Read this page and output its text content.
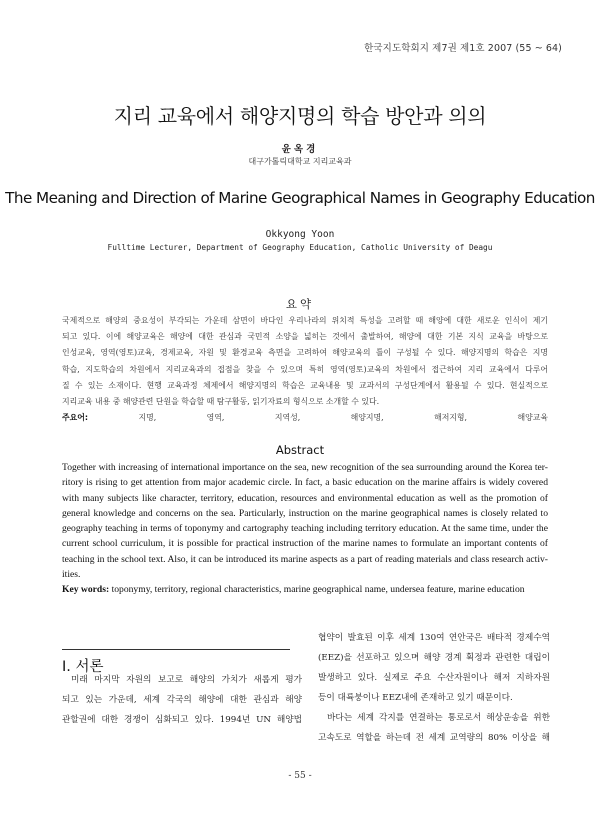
한국지도학회지 제7권 제1호 2007 (55 ~ 64)
지리 교육에서 해양지명의 학습 방안과 의의
윤옥경
대구가톨릭대학교 지리교육과
The Meaning and Direction of Marine Geographical Names in Geography Education
Okkyong Yoon
Fulltime Lecturer, Department of Geography Education, Catholic University of Deagu
요약
국제적으로 해양의 중요성이 부각되는 가운데 삼면이 바다인 우리나라의 위치적 특성을 고려할 때 해양에 대한 새로운 인식이 제기
되고 있다. 이에 해양교육은 해양에 대한 관심과 국민적 소양을 넓히는 것에서 출발하여, 해양에 대한 기본 지식 교육을 바탕으로
인성교육, 영역(영토)교육, 경제교육, 자원 및 환경교육 측면을 고려하여 해양교육의 틀이 구성될 수 있다. 해양지명의 학습은 지명
학습, 지도학습의 차원에서 지리교육과의 접점을 찾을 수 있으며 특히 영역(영토)교육의 차원에서 접근하여 지리 교육에서 다루어
질 수 있는 소재이다. 현행 교육과정 체제에서 해양지명의 학습은 교육내용 및 교과서의 구성단계에서 활용될 수 있다. 현실적으로
지리교육 내용 중 해양관련 단원을 학습할 때 탐구활동, 읽기자료의 형식으로 소개할 수 있다.
주요어:	지명, 영역, 지역성, 해양지명, 해저지형, 해양교육
Abstract
Together with increasing of international importance on the sea, new recognition of the sea surrounding around the Korea ter-
ritory is rising to get attention from major academic circle. In fact, a basic education on the marine affairs is widely covered
with many subjects like character, territory, education, resources and environmental education as well as the promotion of
general knowledge and concerns on the sea. Particularly, instruction on the marine geographical names is closely related to
geography teaching in terms of toponymy and cartography teaching including territory education. At the same time, under the
current school curriculum, it is possible for practical instruction of the marine names to formulate an important contents of
teaching in the school text. Also, it can be introduced its marine aspects as a part of reading materials and class research activ-
ities.
Key words: toponymy, territory, regional characteristics, marine geographical name, undersea feature, marine education
I. 서론
미래 마지막 자원의 보고로 해양의 가치가 새롭게 평가
되고 있는 가운데, 세계 각국의 해양에 대한 관심과 해양
관할권에 대한 경쟁이 심화되고 있다. 1994년 UN 해양법
협약이 발효된 이후 세계 130여 연안국은 배타적 경제수역
(EEZ)을 선포하고 있으며 해양 경계 획정과 관련한 대립이
발생하고 있다. 실제로 주요 수산자원이나 해저 지하자원
등이 대륙붕이나 EEZ내에 존재하고 있기 때문이다.
바다는 세계 각지를 연결하는 통로로서 해상운송을 위한
고속도로 역할을 하는데 전 세계 교역량의 80% 이상을 해
- 55 -
